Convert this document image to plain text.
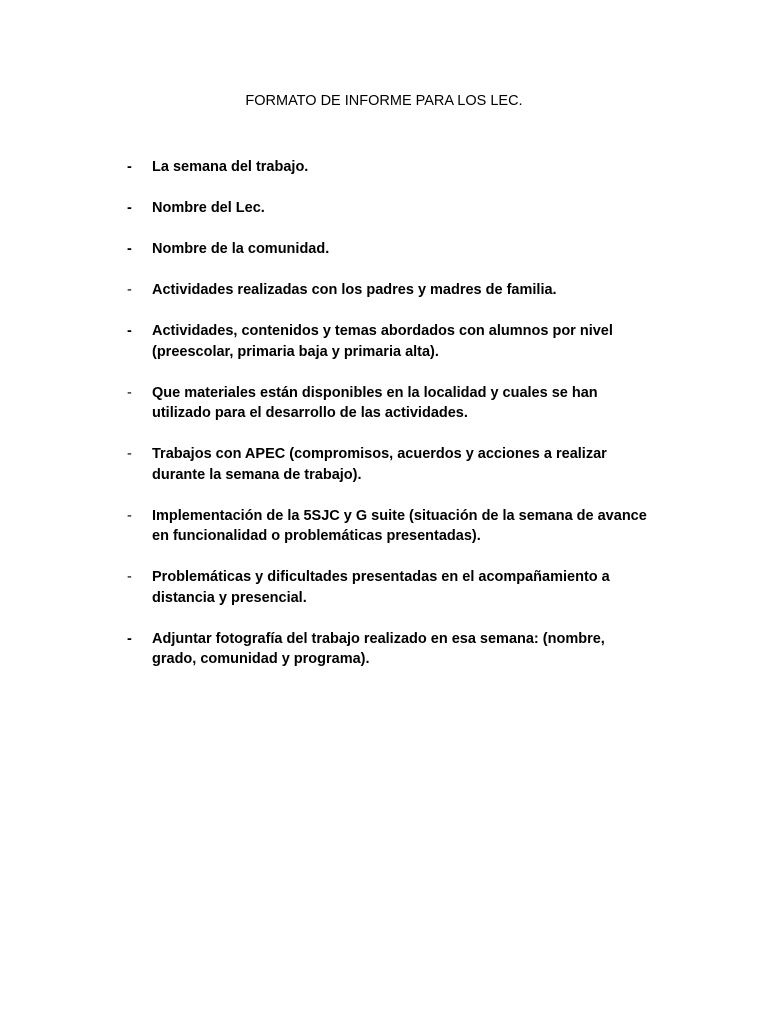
FORMATO DE INFORME PARA LOS LEC.
-	La semana del trabajo.
-	Nombre del Lec.
-	Nombre de la comunidad.
-	Actividades realizadas con los padres y madres de familia.
-	Actividades, contenidos y temas abordados con alumnos por nivel (preescolar, primaria baja y primaria alta).
-	Que materiales están disponibles en la localidad y cuales se han utilizado para el desarrollo de las actividades.
-	Trabajos con APEC (compromisos, acuerdos y acciones a realizar durante la semana de trabajo).
-	Implementación de la 5SJC y G suite (situación de la semana de avance en funcionalidad o problemáticas presentadas).
-	Problemáticas y dificultades presentadas en el acompañamiento a distancia y presencial.
-	Adjuntar fotografía del trabajo realizado en esa semana: (nombre, grado, comunidad y programa).
